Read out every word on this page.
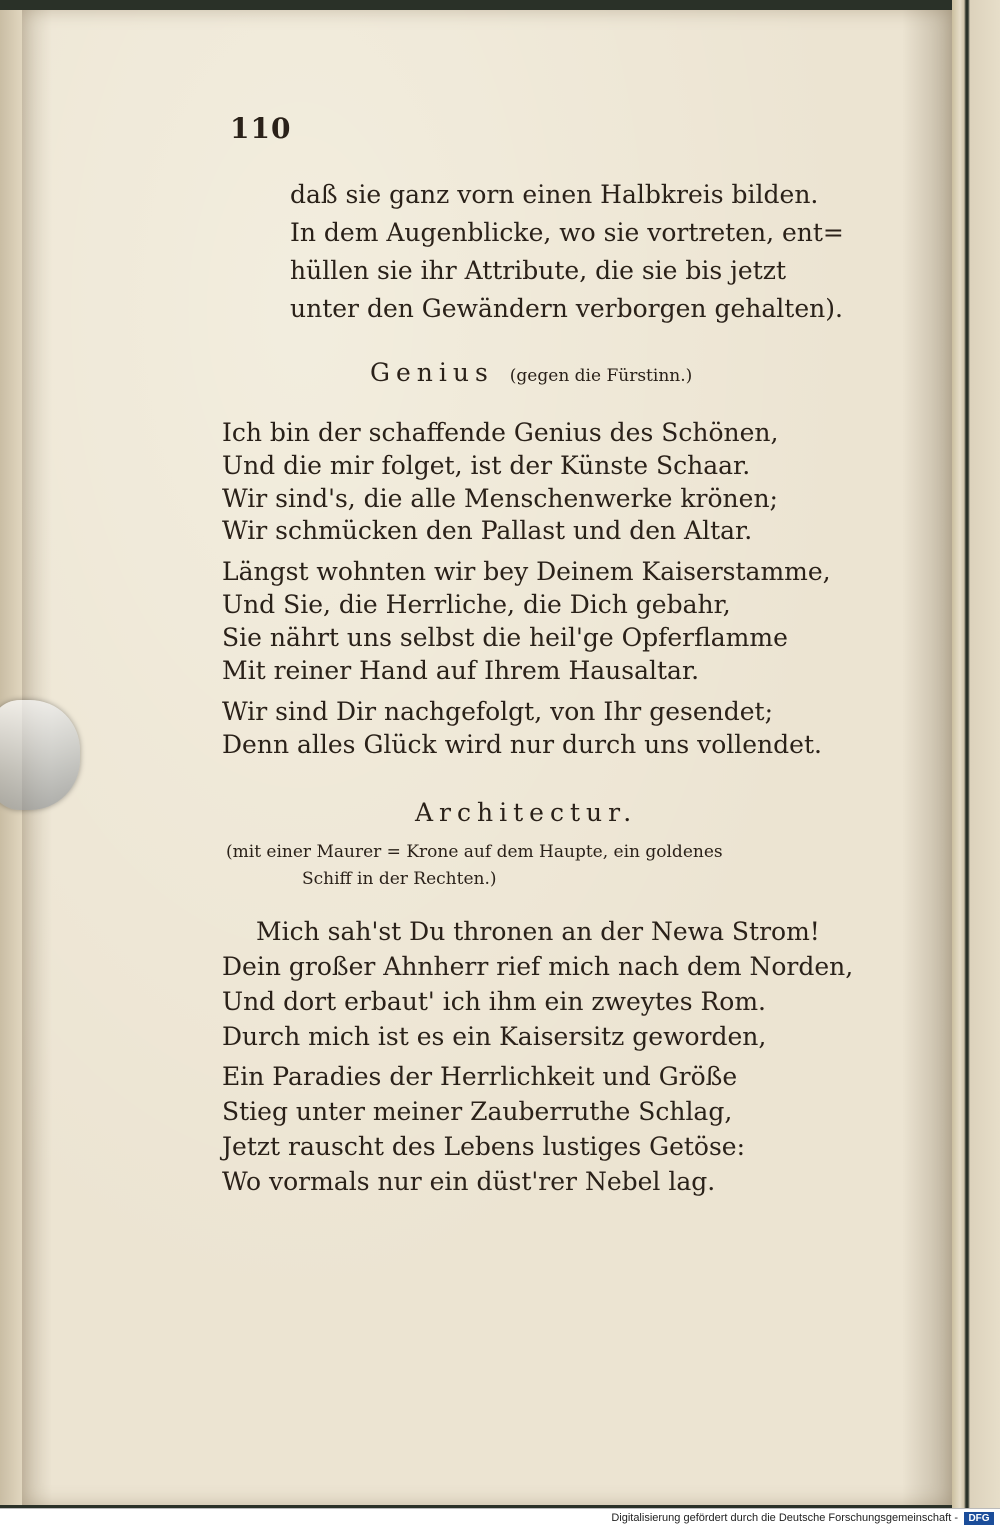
110
daß sie ganz vorn einen Halbkreis bilden.
In dem Augenblicke, wo sie vortreten, ent=
hüllen sie ihr Attribute, die sie bis jetzt
unter den Gewändern verborgen gehalten).
Genius (gegen die Fürstinn.)
Ich bin der schaffende Genius des Schönen,
Und die mir folget, ist der Künste Schaar.
Wir sind's, die alle Menschenwerke krönen;
Wir schmücken den Pallast und den Altar.
Längst wohnten wir bey Deinem Kaiserstamme,
Und Sie, die Herrliche, die Dich gebahr,
Sie nährt uns selbst die heil'ge Opferflamme
Mit reiner Hand auf Ihrem Hausaltar.
Wir sind Dir nachgefolgt, von Ihr gesendet;
Denn alles Glück wird nur durch uns vollendet.
Architectur.
(mit einer Maurer = Krone auf dem Haupte, ein goldenes
Schiff in der Rechten.)
Mich sah'st Du thronen an der Newa Strom!
Dein großer Ahnherr rief mich nach dem Norden,
Und dort erbaut' ich ihm ein zweytes Rom.
Durch mich ist es ein Kaisersitz geworden,
Ein Paradies der Herrlichkeit und Größe
Stieg unter meiner Zauberruthe Schlag,
Jetzt rauscht des Lebens lustiges Getöse:
Wo vormals nur ein düst'rer Nebel lag.
Digitalisierung gefördert durch die Deutsche Forschungsgemeinschaft -	DFG
